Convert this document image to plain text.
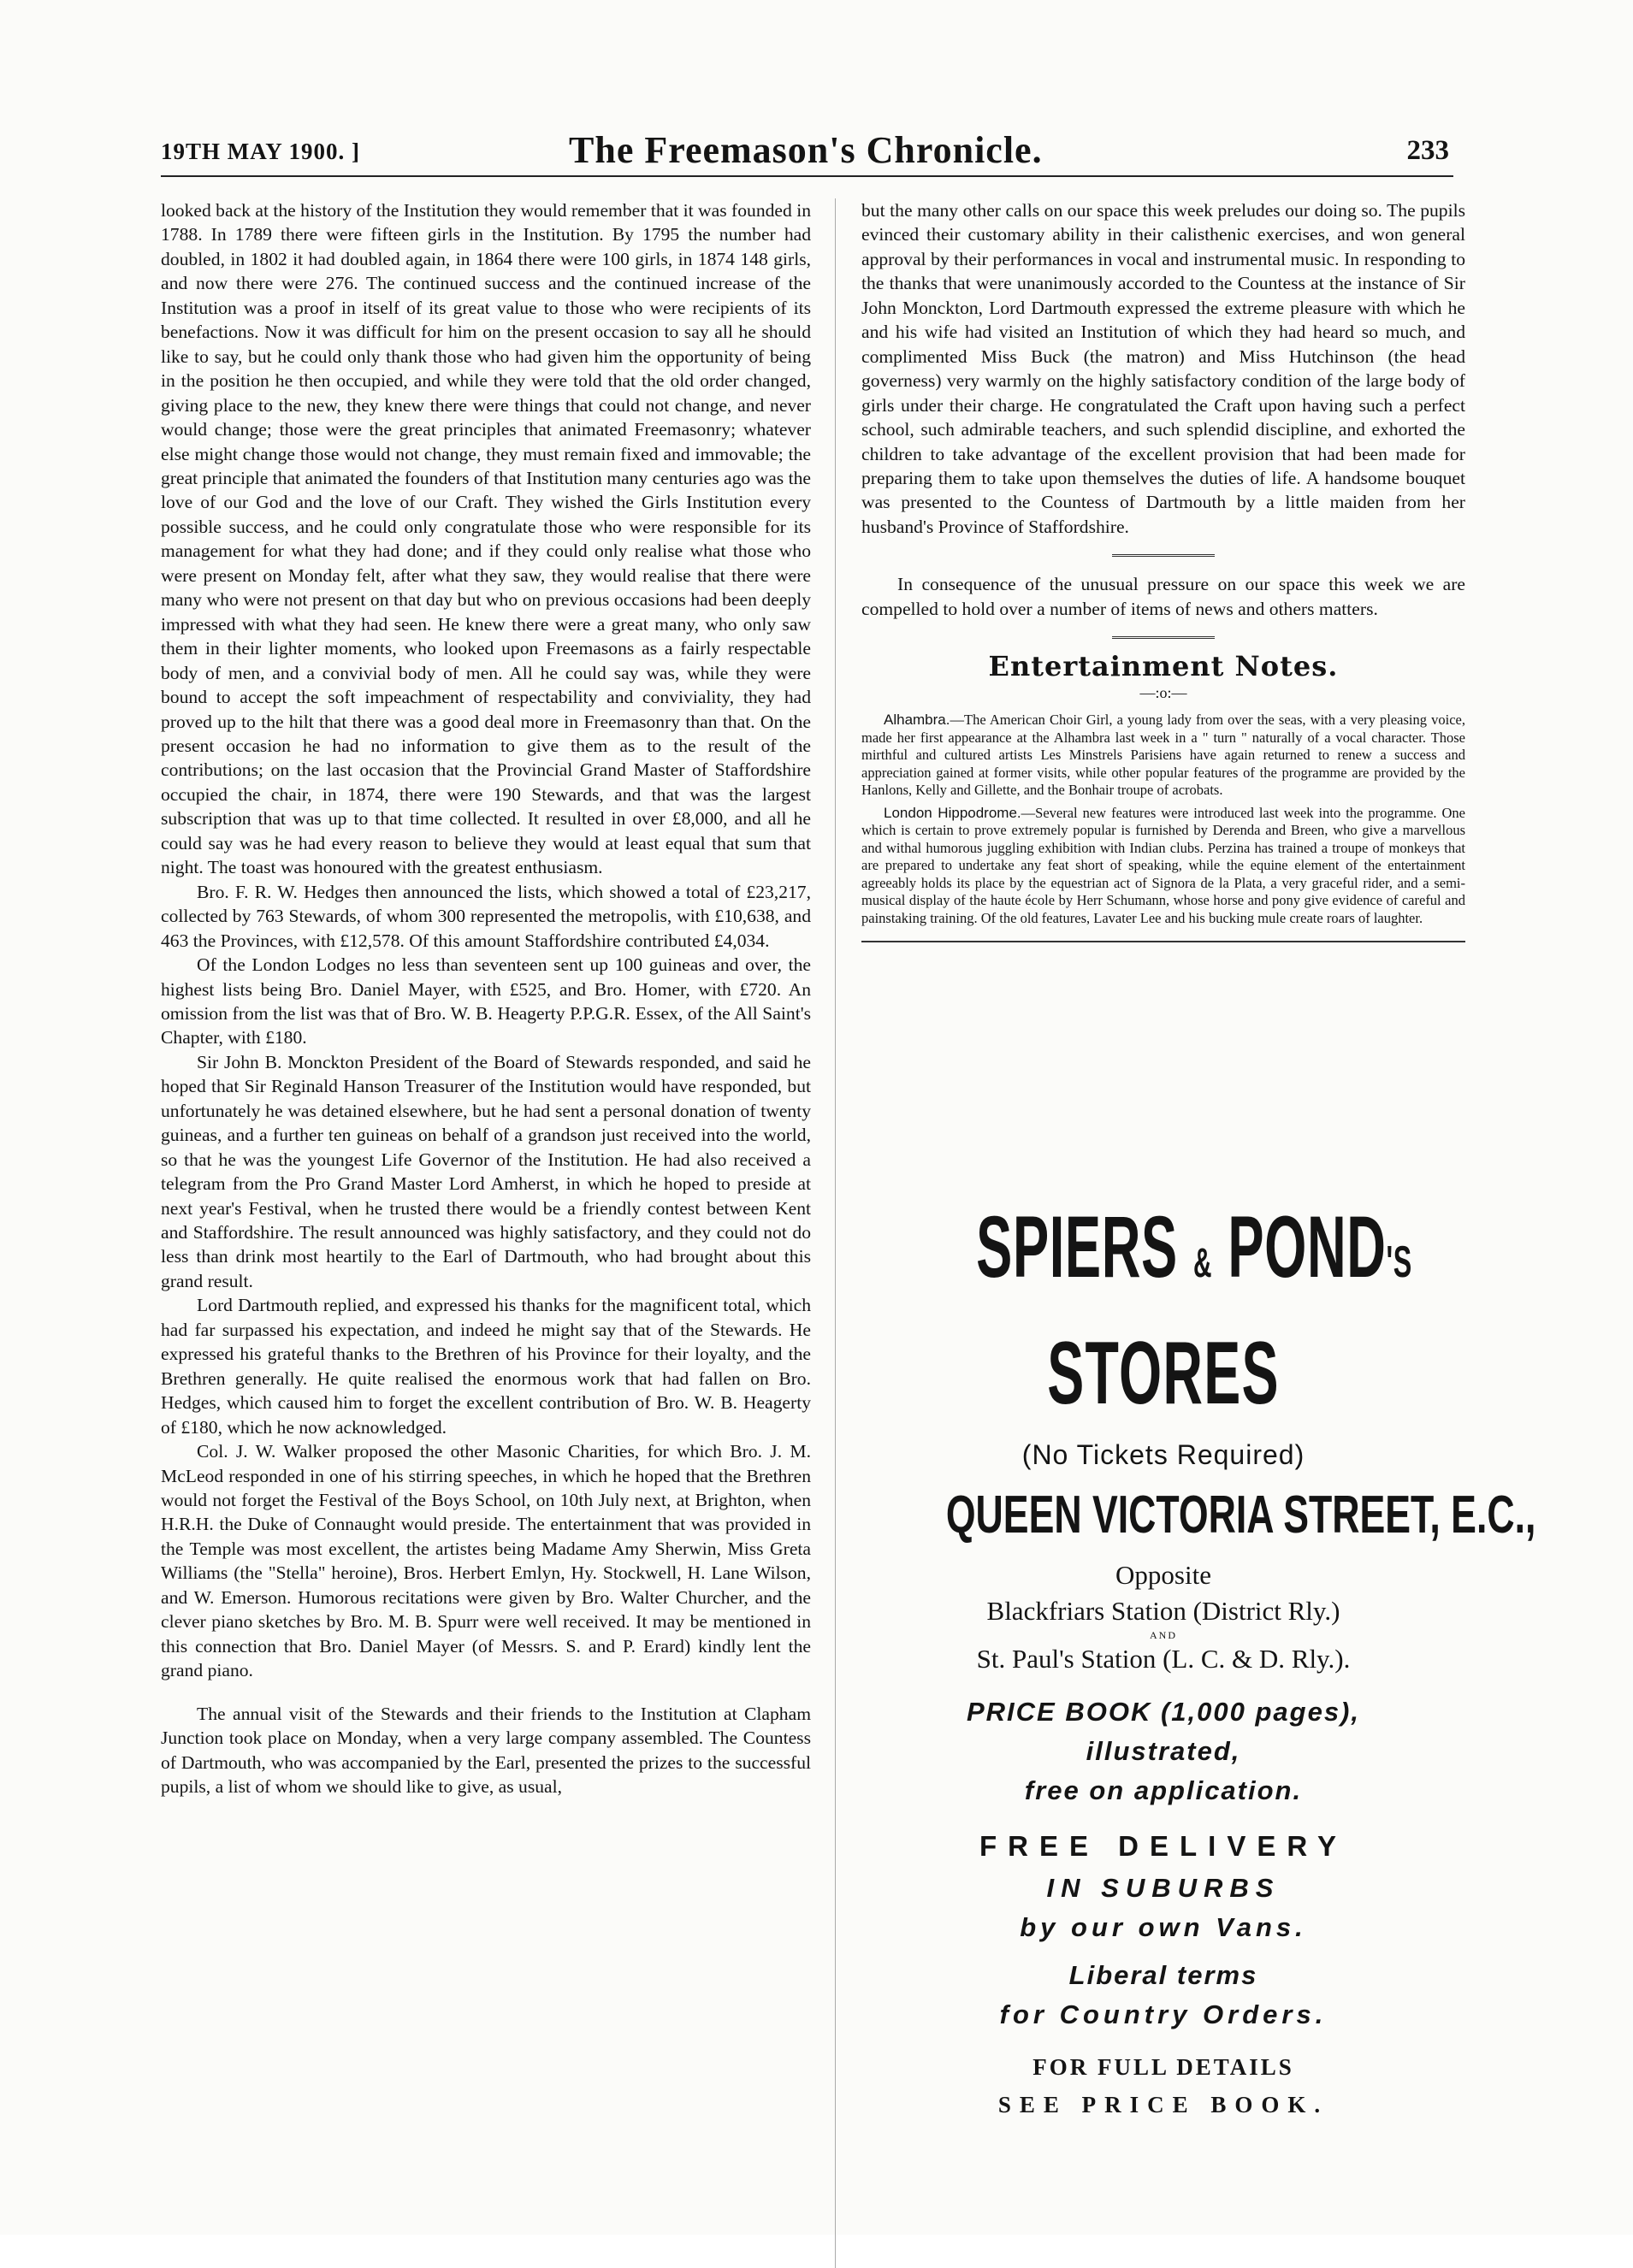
19TH MAY 1900. ]	The Freemason's Chronicle.	233

looked back at the history of the Institution they would remember that it was founded in 1788. In 1789 there were fifteen girls in the Institution. By 1795 the number had doubled, in 1802 it had doubled again, in 1864 there were 100 girls, in 1874 148 girls, and now there were 276. The continued success and the continued increase of the Institution was a proof in itself of its great value to those who were recipients of its benefactions. Now it was difficult for him on the present occasion to say all he should like to say, but he could only thank those who had given him the opportunity of being in the position he then occupied, and while they were told that the old order changed, giving place to the new, they knew there were things that could not change, and never would change; those were the great principles that animated Freemasonry; whatever else might change those would not change, they must remain fixed and immovable; the great principle that animated the founders of that Institution many centuries ago was the love of our God and the love of our Craft. They wished the Girls Institution every possible success, and he could only congratulate those who were responsible for its management for what they had done; and if they could only realise what those who were present on Monday felt, after what they saw, they would realise that there were many who were not present on that day but who on previous occasions had been deeply impressed with what they had seen. He knew there were a great many, who only saw them in their lighter moments, who looked upon Freemasons as a fairly respectable body of men, and a convivial body of men. All he could say was, while they were bound to accept the soft impeachment of respectability and conviviality, they had proved up to the hilt that there was a good deal more in Freemasonry than that. On the present occasion he had no information to give them as to the result of the contributions; on the last occasion that the Provincial Grand Master of Staffordshire occupied the chair, in 1874, there were 190 Stewards, and that was the largest subscription that was up to that time collected. It resulted in over £8,000, and all he could say was he had every reason to believe they would at least equal that sum that night. The toast was honoured with the greatest enthusiasm.

Bro. F. R. W. Hedges then announced the lists, which showed a total of £23,217, collected by 763 Stewards, of whom 300 represented the metropolis, with £10,638, and 463 the Provinces, with £12,578. Of this amount Staffordshire contributed £4,034.

Of the London Lodges no less than seventeen sent up 100 guineas and over, the highest lists being Bro. Daniel Mayer, with £525, and Bro. Homer, with £720. An omission from the list was that of Bro. W. B. Heagerty P.P.G.R. Essex, of the All Saint's Chapter, with £180.

Sir John B. Monckton President of the Board of Stewards responded, and said he hoped that Sir Reginald Hanson Treasurer of the Institution would have responded, but unfortunately he was detained elsewhere, but he had sent a personal donation of twenty guineas, and a further ten guineas on behalf of a grandson just received into the world, so that he was the youngest Life Governor of the Institution. He had also received a telegram from the Pro Grand Master Lord Amherst, in which he hoped to preside at next year's Festival, when he trusted there would be a friendly contest between Kent and Staffordshire. The result announced was highly satisfactory, and they could not do less than drink most heartily to the Earl of Dartmouth, who had brought about this grand result.

Lord Dartmouth replied, and expressed his thanks for the magnificent total, which had far surpassed his expectation, and indeed he might say that of the Stewards. He expressed his grateful thanks to the Brethren of his Province for their loyalty, and the Brethren generally. He quite realised the enormous work that had fallen on Bro. Hedges, which caused him to forget the excellent contribution of Bro. W. B. Heagerty of £180, which he now acknowledged.

Col. J. W. Walker proposed the other Masonic Charities, for which Bro. J. M. McLeod responded in one of his stirring speeches, in which he hoped that the Brethren would not forget the Festival of the Boys School, on 10th July next, at Brighton, when H.R.H. the Duke of Connaught would preside. The entertainment that was provided in the Temple was most excellent, the artistes being Madame Amy Sherwin, Miss Greta Williams (the "Stella" heroine), Bros. Herbert Emlyn, Hy. Stockwell, H. Lane Wilson, and W. Emerson. Humorous recitations were given by Bro. Walter Churcher, and the clever piano sketches by Bro. M. B. Spurr were well received. It may be mentioned in this connection that Bro. Daniel Mayer (of Messrs. S. and P. Erard) kindly lent the grand piano.

The annual visit of the Stewards and their friends to the Institution at Clapham Junction took place on Monday, when a very large company assembled. The Countess of Dartmouth, who was accompanied by the Earl, presented the prizes to the successful pupils, a list of whom we should like to give, as usual,

but the many other calls on our space this week preludes our doing so. The pupils evinced their customary ability in their calisthenic exercises, and won general approval by their performances in vocal and instrumental music. In responding to the thanks that were unanimously accorded to the Countess at the instance of Sir John Monckton, Lord Dartmouth expressed the extreme pleasure with which he and his wife had visited an Institution of which they had heard so much, and complimented Miss Buck (the matron) and Miss Hutchinson (the head governess) very warmly on the highly satisfactory condition of the large body of girls under their charge. He congratulated the Craft upon having such a perfect school, such admirable teachers, and such splendid discipline, and exhorted the children to take advantage of the excellent provision that had been made for preparing them to take upon themselves the duties of life. A handsome bouquet was presented to the Countess of Dartmouth by a little maiden from her husband's Province of Staffordshire.

In consequence of the unusual pressure on our space this week we are compelled to hold over a number of items of news and others matters.

Entertainment Notes.
—:o:—

Alhambra.—The American Choir Girl, a young lady from over the seas, with a very pleasing voice, made her first appearance at the Alhambra last week in a " turn " naturally of a vocal character. Those mirthful and cultured artists Les Minstrels Parisiens have again returned to renew a success and appreciation gained at former visits, while other popular features of the programme are provided by the Hanlons, Kelly and Gillette, and the Bonhair troupe of acrobats.

London Hippodrome.—Several new features were introduced last week into the programme. One which is certain to prove extremely popular is furnished by Derenda and Breen, who give a marvellous and withal humorous juggling exhibition with Indian clubs. Perzina has trained a troupe of monkeys that are prepared to undertake any feat short of speaking, while the equine element of the entertainment agreeably holds its place by the equestrian act of Signora de la Plata, a very graceful rider, and a semi-musical display of the haute école by Herr Schumann, whose horse and pony give evidence of careful and painstaking training. Of the old features, Lavater Lee and his bucking mule create roars of laughter.

SPIERS & POND'S
STORES
(No Tickets Required)
QUEEN VICTORIA STREET, E.C.,
Opposite
Blackfriars Station (District Rly.)
AND
St. Paul's Station (L. C. & D. Rly.).
PRICE BOOK (1,000 pages),
illustrated,
free on application.
FREE DELIVERY
IN SUBURBS
by our own Vans.
Liberal terms
for Country Orders.
FOR FULL DETAILS
SEE PRICE BOOK.
